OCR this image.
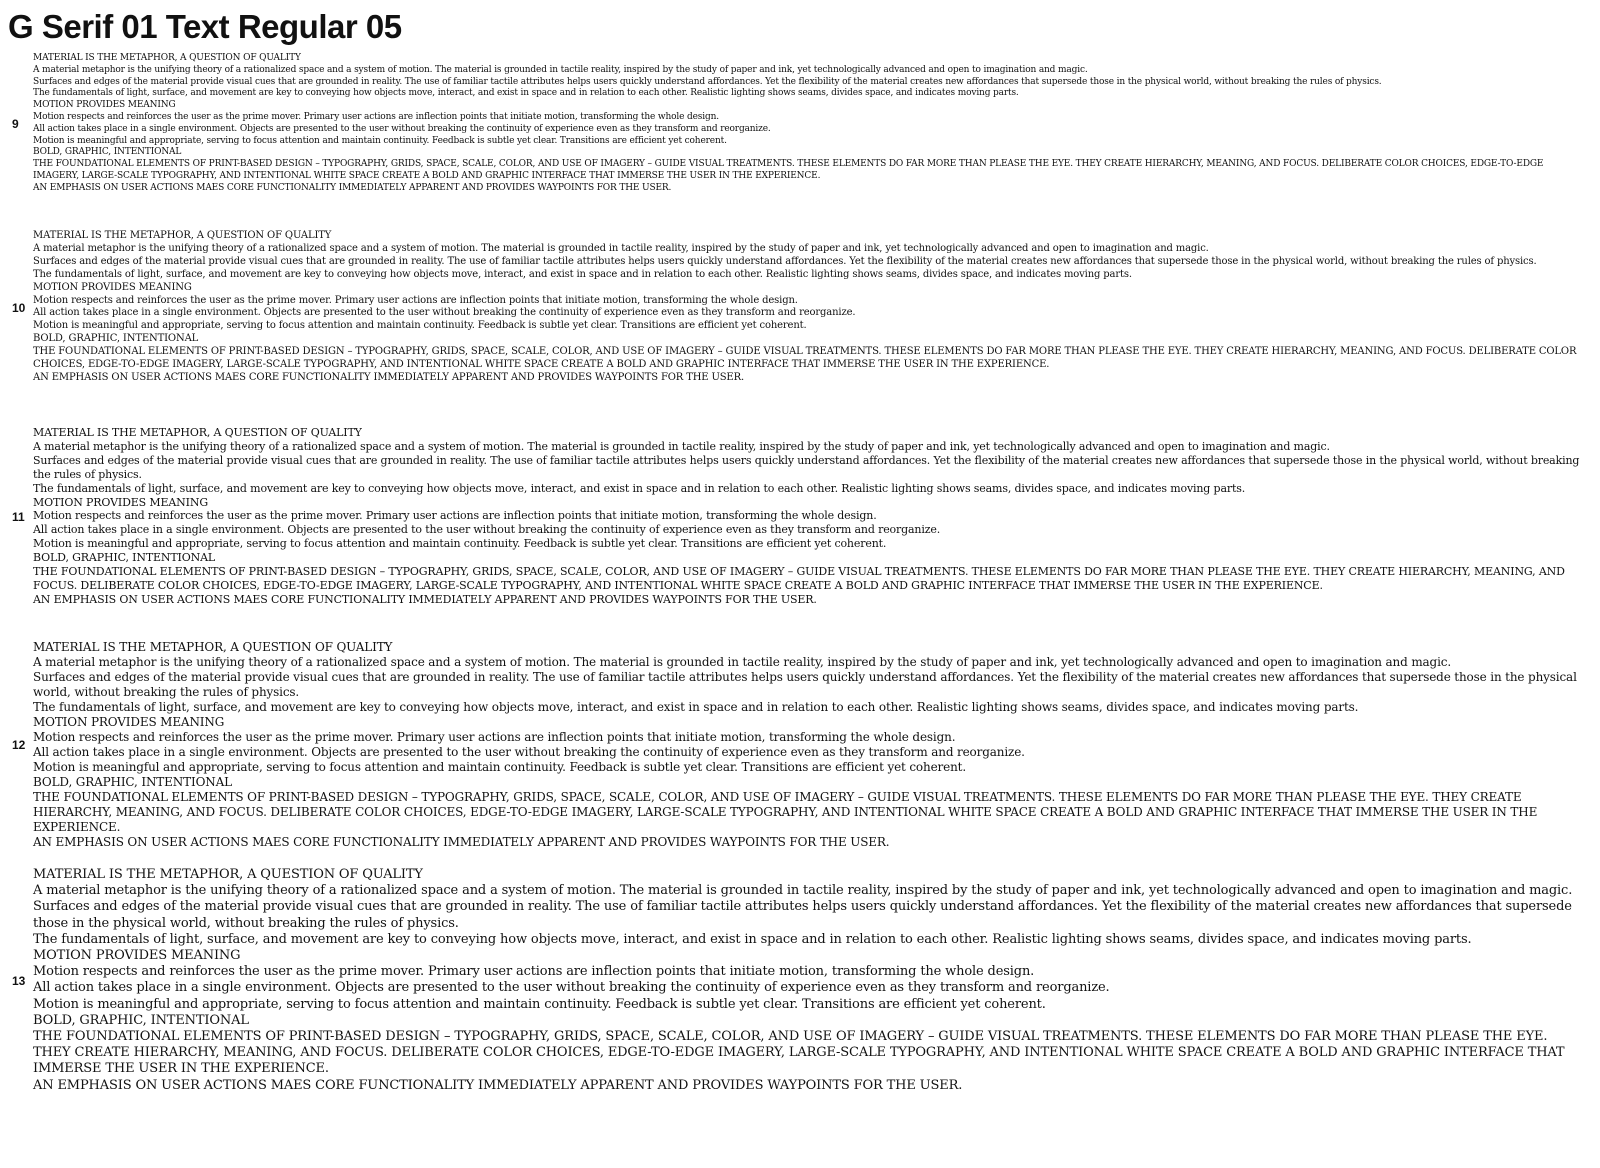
G Serif 01 Text Regular 05
9

MATERIAL IS THE METAPHOR, A QUESTION OF QUALITY

A material metaphor is the unifying theory of a rationalized space and a system of motion. The material is grounded in tactile reality, inspired by the study of paper and ink, yet technologically advanced and open to imagination and magic.

Surfaces and edges of the material provide visual cues that are grounded in reality. The use of familiar tactile attributes helps users quickly understand affordances. Yet the flexibility of the material creates new affordances that supersede those in the physical world, without breaking the rules of physics.

The fundamentals of light, surface, and movement are key to conveying how objects move, interact, and exist in space and in relation to each other. Realistic lighting shows seams, divides space, and indicates moving parts.

MOTION PROVIDES MEANING

Motion respects and reinforces the user as the prime mover. Primary user actions are inflection points that initiate motion, transforming the whole design.

All action takes place in a single environment. Objects are presented to the user without breaking the continuity of experience even as they transform and reorganize.

Motion is meaningful and appropriate, serving to focus attention and maintain continuity. Feedback is subtle yet clear. Transitions are efficient yet coherent.

BOLD, GRAPHIC, INTENTIONAL

THE FOUNDATIONAL ELEMENTS OF PRINT-BASED DESIGN – TYPOGRAPHY, GRIDS, SPACE, SCALE, COLOR, AND USE OF IMAGERY – GUIDE VISUAL TREATMENTS. THESE ELEMENTS DO FAR MORE THAN PLEASE THE EYE. THEY CREATE HIERARCHY, MEANING, AND FOCUS. DELIBERATE COLOR CHOICES, EDGE-TO-EDGE IMAGERY, LARGE-SCALE TYPOGRAPHY, AND INTENTIONAL WHITE SPACE CREATE A BOLD AND GRAPHIC INTERFACE THAT IMMERSE THE USER IN THE EXPERIENCE.

AN EMPHASIS ON USER ACTIONS MAES CORE FUNCTIONALITY IMMEDIATELY APPARENT AND PROVIDES WAYPOINTS FOR THE USER.

10

MATERIAL IS THE METAPHOR, A QUESTION OF QUALITY

A material metaphor is the unifying theory of a rationalized space and a system of motion. The material is grounded in tactile reality, inspired by the study of paper and ink, yet technologically advanced and open to imagination and magic.

Surfaces and edges of the material provide visual cues that are grounded in reality. The use of familiar tactile attributes helps users quickly understand affordances. Yet the flexibility of the material creates new affordances that supersede those in the physical world, without breaking the rules of physics.

The fundamentals of light, surface, and movement are key to conveying how objects move, interact, and exist in space and in relation to each other. Realistic lighting shows seams, divides space, and indicates moving parts.

MOTION PROVIDES MEANING

Motion respects and reinforces the user as the prime mover. Primary user actions are inflection points that initiate motion, transforming the whole design.

All action takes place in a single environment. Objects are presented to the user without breaking the continuity of experience even as they transform and reorganize.

Motion is meaningful and appropriate, serving to focus attention and maintain continuity. Feedback is subtle yet clear. Transitions are efficient yet coherent.

BOLD, GRAPHIC, INTENTIONAL

THE FOUNDATIONAL ELEMENTS OF PRINT-BASED DESIGN – TYPOGRAPHY, GRIDS, SPACE, SCALE, COLOR, AND USE OF IMAGERY – GUIDE VISUAL TREATMENTS. THESE ELEMENTS DO FAR MORE THAN PLEASE THE EYE. THEY CREATE HIERARCHY, MEANING, AND FOCUS. DELIBERATE COLOR CHOICES, EDGE-TO-EDGE IMAGERY, LARGE-SCALE TYPOGRAPHY, AND INTENTIONAL WHITE SPACE CREATE A BOLD AND GRAPHIC INTERFACE THAT IMMERSE THE USER IN THE EXPERIENCE.

AN EMPHASIS ON USER ACTIONS MAES CORE FUNCTIONALITY IMMEDIATELY APPARENT AND PROVIDES WAYPOINTS FOR THE USER.

11

MATERIAL IS THE METAPHOR, A QUESTION OF QUALITY

A material metaphor is the unifying theory of a rationalized space and a system of motion. The material is grounded in tactile reality, inspired by the study of paper and ink, yet technologically advanced and open to imagination and magic.

Surfaces and edges of the material provide visual cues that are grounded in reality. The use of familiar tactile attributes helps users quickly understand affordances. Yet the flexibility of the material creates new affordances that supersede those in the physical world, without breaking the rules of physics.

The fundamentals of light, surface, and movement are key to conveying how objects move, interact, and exist in space and in relation to each other. Realistic lighting shows seams, divides space, and indicates moving parts.

MOTION PROVIDES MEANING

Motion respects and reinforces the user as the prime mover. Primary user actions are inflection points that initiate motion, transforming the whole design.

All action takes place in a single environment. Objects are presented to the user without breaking the continuity of experience even as they transform and reorganize.

Motion is meaningful and appropriate, serving to focus attention and maintain continuity. Feedback is subtle yet clear. Transitions are efficient yet coherent.

BOLD, GRAPHIC, INTENTIONAL

THE FOUNDATIONAL ELEMENTS OF PRINT-BASED DESIGN – TYPOGRAPHY, GRIDS, SPACE, SCALE, COLOR, AND USE OF IMAGERY – GUIDE VISUAL TREATMENTS. THESE ELEMENTS DO FAR MORE THAN PLEASE THE EYE. THEY CREATE HIERARCHY, MEANING, AND FOCUS. DELIBERATE COLOR CHOICES, EDGE-TO-EDGE IMAGERY, LARGE-SCALE TYPOGRAPHY, AND INTENTIONAL WHITE SPACE CREATE A BOLD AND GRAPHIC INTERFACE THAT IMMERSE THE USER IN THE EXPERIENCE.

AN EMPHASIS ON USER ACTIONS MAES CORE FUNCTIONALITY IMMEDIATELY APPARENT AND PROVIDES WAYPOINTS FOR THE USER.

12

MATERIAL IS THE METAPHOR, A QUESTION OF QUALITY

A material metaphor is the unifying theory of a rationalized space and a system of motion. The material is grounded in tactile reality, inspired by the study of paper and ink, yet technologically advanced and open to imagination and magic.

Surfaces and edges of the material provide visual cues that are grounded in reality. The use of familiar tactile attributes helps users quickly understand affordances. Yet the flexibility of the material creates new affordances that supersede those in the physical world, without breaking the rules of physics.

The fundamentals of light, surface, and movement are key to conveying how objects move, interact, and exist in space and in relation to each other. Realistic lighting shows seams, divides space, and indicates moving parts.

MOTION PROVIDES MEANING

Motion respects and reinforces the user as the prime mover. Primary user actions are inflection points that initiate motion, transforming the whole design.

All action takes place in a single environment. Objects are presented to the user without breaking the continuity of experience even as they transform and reorganize.

Motion is meaningful and appropriate, serving to focus attention and maintain continuity. Feedback is subtle yet clear. Transitions are efficient yet coherent.

BOLD, GRAPHIC, INTENTIONAL

THE FOUNDATIONAL ELEMENTS OF PRINT-BASED DESIGN – TYPOGRAPHY, GRIDS, SPACE, SCALE, COLOR, AND USE OF IMAGERY – GUIDE VISUAL TREATMENTS. THESE ELEMENTS DO FAR MORE THAN PLEASE THE EYE. THEY CREATE HIERARCHY, MEANING, AND FOCUS. DELIBERATE COLOR CHOICES, EDGE-TO-EDGE IMAGERY, LARGE-SCALE TYPOGRAPHY, AND INTENTIONAL WHITE SPACE CREATE A BOLD AND GRAPHIC INTERFACE THAT IMMERSE THE USER IN THE EXPERIENCE.

AN EMPHASIS ON USER ACTIONS MAES CORE FUNCTIONALITY IMMEDIATELY APPARENT AND PROVIDES WAYPOINTS FOR THE USER.

13

MATERIAL IS THE METAPHOR, A QUESTION OF QUALITY

A material metaphor is the unifying theory of a rationalized space and a system of motion. The material is grounded in tactile reality, inspired by the study of paper and ink, yet technologically advanced and open to imagination and magic.

Surfaces and edges of the material provide visual cues that are grounded in reality. The use of familiar tactile attributes helps users quickly understand affordances. Yet the flexibility of the material creates new affordances that supersede those in the physical world, without breaking the rules of physics.

The fundamentals of light, surface, and movement are key to conveying how objects move, interact, and exist in space and in relation to each other. Realistic lighting shows seams, divides space, and indicates moving parts.

MOTION PROVIDES MEANING

Motion respects and reinforces the user as the prime mover. Primary user actions are inflection points that initiate motion, transforming the whole design.

All action takes place in a single environment. Objects are presented to the user without breaking the continuity of experience even as they transform and reorganize.

Motion is meaningful and appropriate, serving to focus attention and maintain continuity. Feedback is subtle yet clear. Transitions are efficient yet coherent.

BOLD, GRAPHIC, INTENTIONAL

THE FOUNDATIONAL ELEMENTS OF PRINT-BASED DESIGN – TYPOGRAPHY, GRIDS, SPACE, SCALE, COLOR, AND USE OF IMAGERY – GUIDE VISUAL TREATMENTS. THESE ELEMENTS DO FAR MORE THAN PLEASE THE EYE. THEY CREATE HIERARCHY, MEANING, AND FOCUS. DELIBERATE COLOR CHOICES, EDGE-TO-EDGE IMAGERY, LARGE-SCALE TYPOGRAPHY, AND INTENTIONAL WHITE SPACE CREATE A BOLD AND GRAPHIC INTERFACE THAT IMMERSE THE USER IN THE EXPERIENCE.

AN EMPHASIS ON USER ACTIONS MAES CORE FUNCTIONALITY IMMEDIATELY APPARENT AND PROVIDES WAYPOINTS FOR THE USER.
